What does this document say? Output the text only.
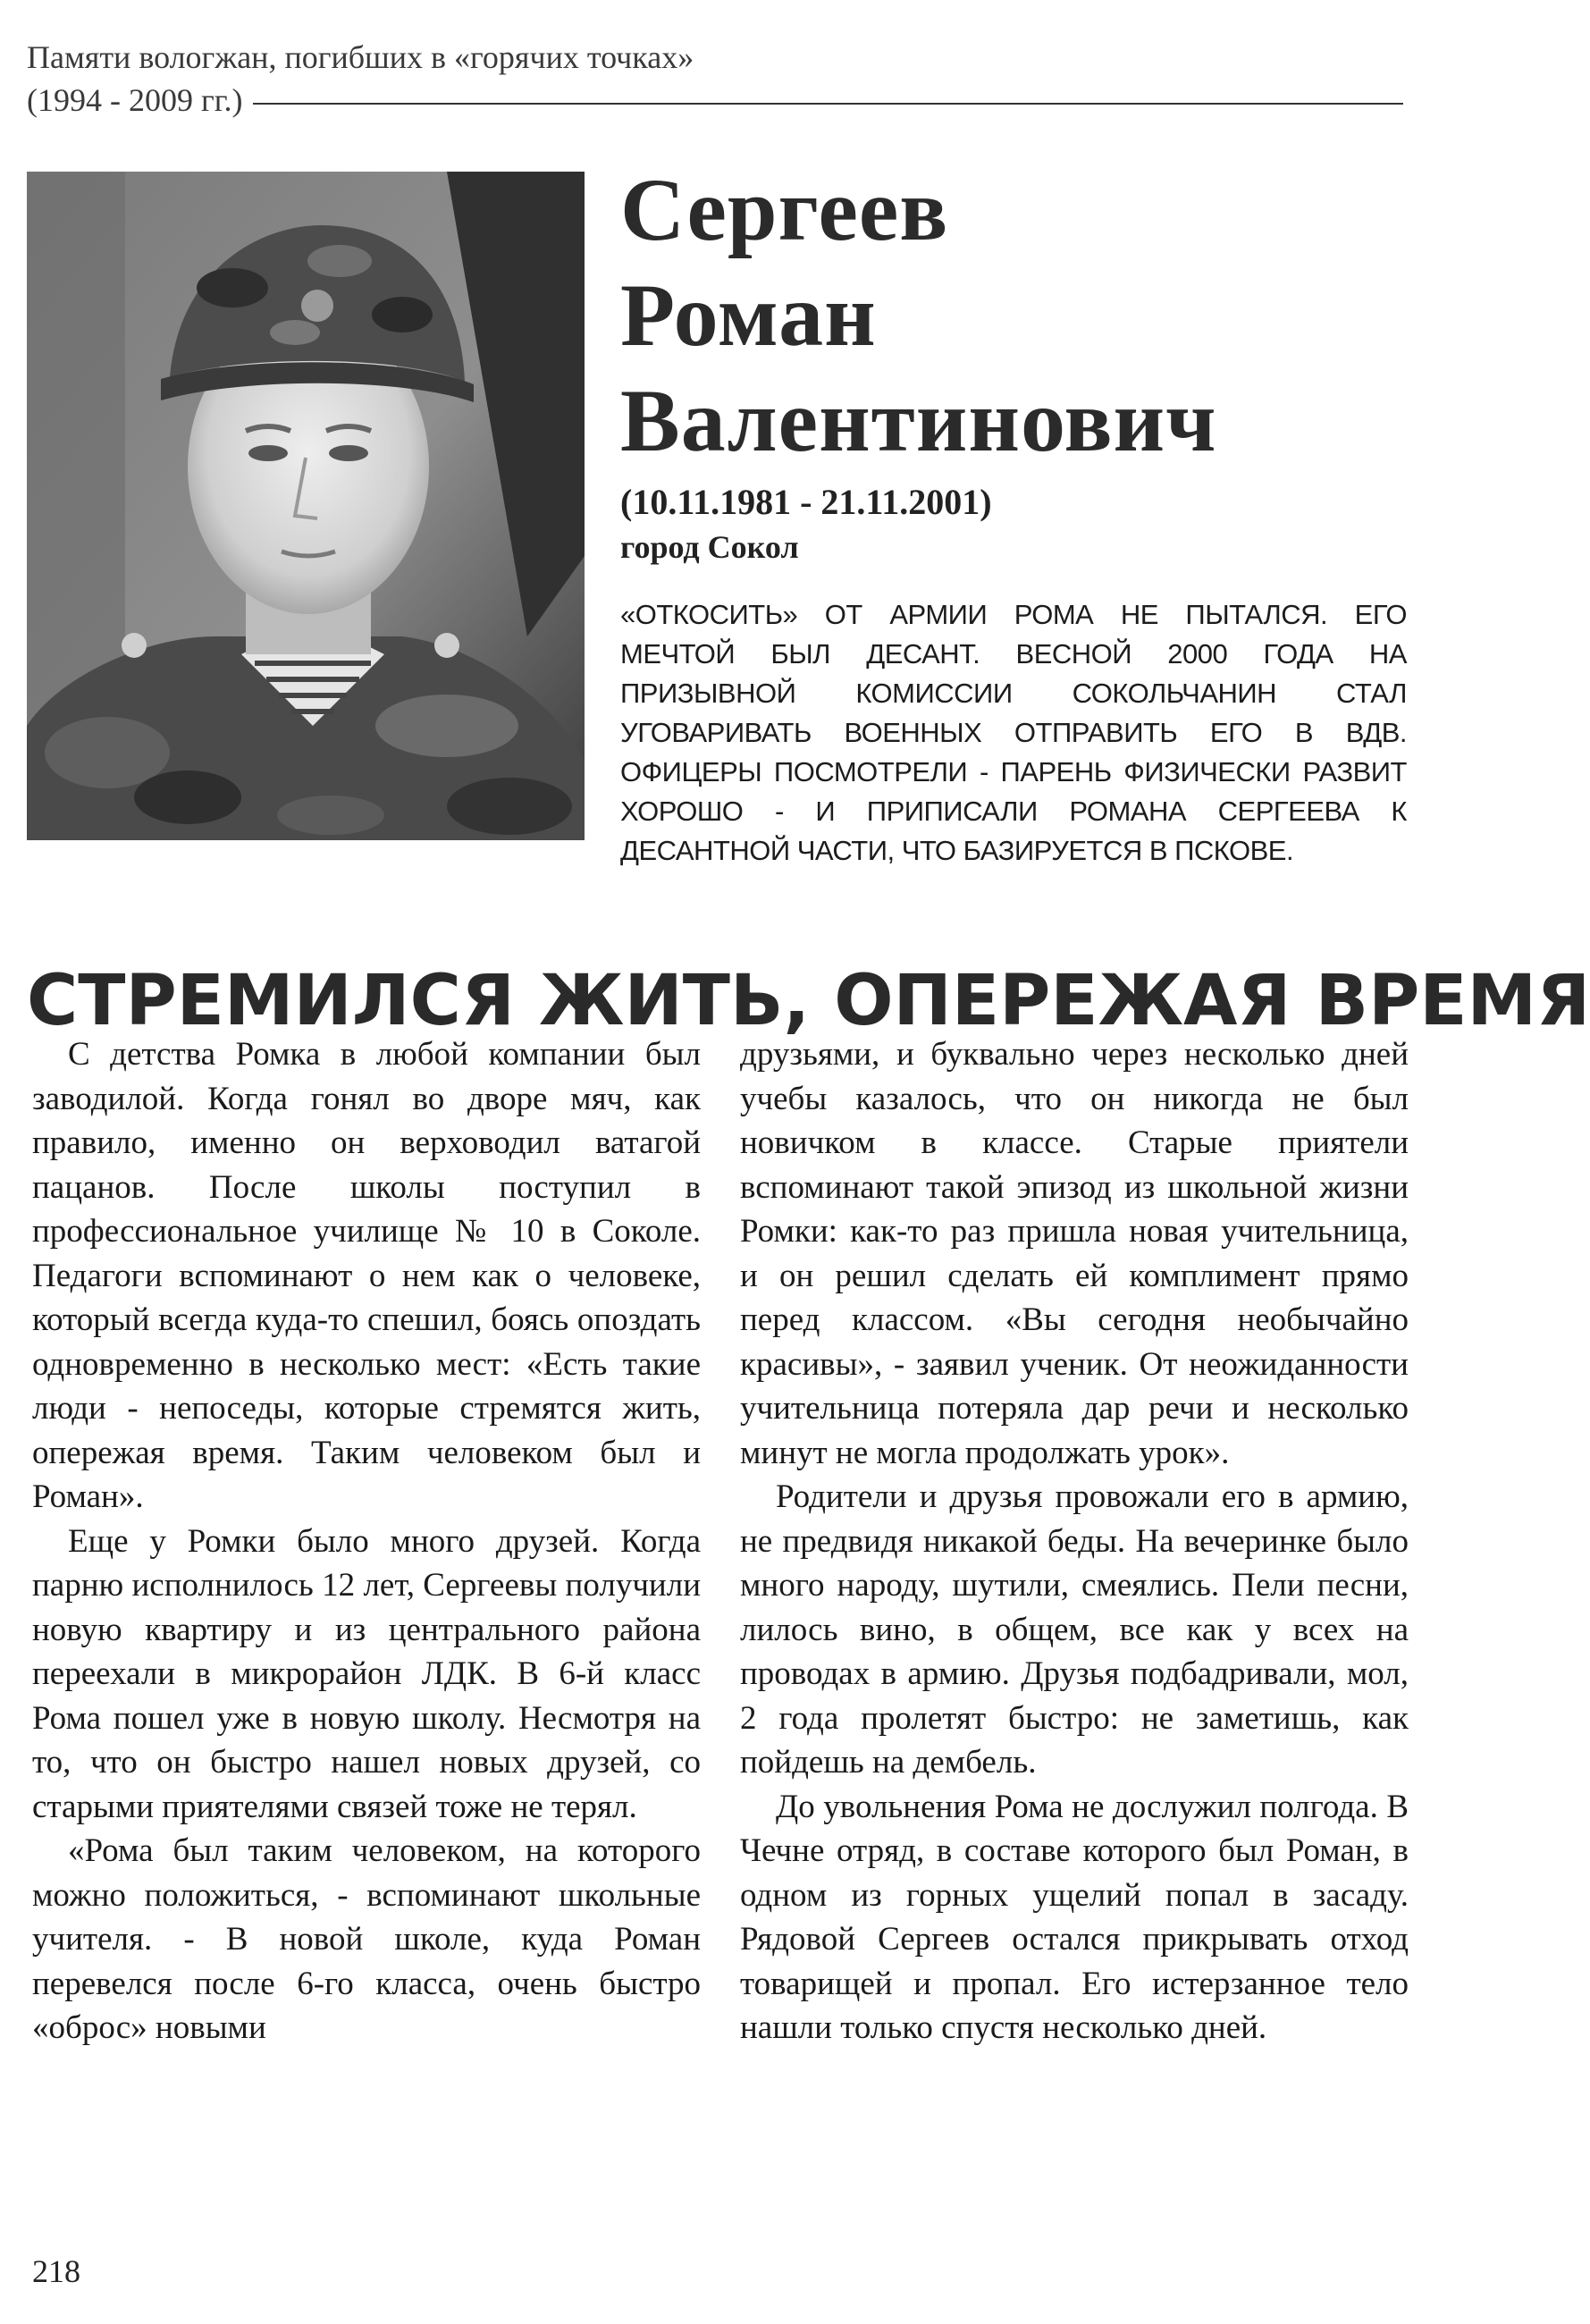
Памяти вологжан, погибших в «горячих точках»
(1994 - 2009 гг.)
Сергеев
Роман
Валентинович
(10.11.1981 - 21.11.2001)
город Сокол
«ОТКОСИТЬ» ОТ АРМИИ РОМА НЕ ПЫТАЛСЯ. ЕГО МЕЧТОЙ БЫЛ ДЕСАНТ. ВЕСНОЙ 2000 ГОДА НА ПРИЗЫВНОЙ КОМИССИИ СОКОЛЬЧАНИН СТАЛ УГОВАРИВАТЬ ВОЕННЫХ ОТПРАВИТЬ ЕГО В ВДВ. ОФИЦЕРЫ ПОСМОТРЕЛИ - ПАРЕНЬ ФИЗИЧЕСКИ РАЗВИТ ХОРОШО - И ПРИПИСАЛИ РОМАНА СЕРГЕЕВА К ДЕСАНТНОЙ ЧАСТИ, ЧТО БАЗИРУЕТСЯ В ПСКОВЕ.
СТРЕМИЛСЯ ЖИТЬ, ОПЕРЕЖАЯ ВРЕМЯ

С детства Ромка в любой компании был заводилой. Когда гонял во дворе мяч, как правило, именно он верховодил ватагой пацанов. После школы поступил в профессиональное училище № 10 в Соколе. Педагоги вспоминают о нем как о человеке, который всегда куда-то спешил, боясь опоздать одновременно в несколько мест: «Есть такие люди - непоседы, которые стремятся жить, опережая время. Таким человеком был и Роман».

Еще у Ромки было много друзей. Когда парню исполнилось 12 лет, Сергеевы получили новую квартиру и из центрального района переехали в микрорайон ЛДК. В 6-й класс Рома пошел уже в новую школу. Несмотря на то, что он быстро нашел новых друзей, со старыми приятелями связей тоже не терял.

«Рома был таким человеком, на которого можно положиться, - вспоминают школьные учителя. - В новой школе, куда Роман перевелся после 6-го класса, очень быстро «оброс» новыми

друзьями, и буквально через несколько дней учебы казалось, что он никогда не был новичком в классе. Старые приятели вспоминают такой эпизод из школьной жизни Ромки: как-то раз пришла новая учительница, и он решил сделать ей комплимент прямо перед классом. «Вы сегодня необычайно красивы», - заявил ученик. От неожиданности учительница потеряла дар речи и несколько минут не могла продолжать урок».

Родители и друзья провожали его в армию, не предвидя никакой беды. На вечеринке было много народу, шутили, смеялись. Пели песни, лилось вино, в общем, все как у всех на проводах в армию. Друзья подбадривали, мол, 2 года пролетят быстро: не заметишь, как пойдешь на дембель.

До увольнения Рома не дослужил полгода. В Чечне отряд, в составе которого был Роман, в одном из горных ущелий попал в засаду. Рядовой Сергеев остался прикрывать отход товарищей и пропал. Его истерзанное тело нашли только спустя несколько дней.

218
